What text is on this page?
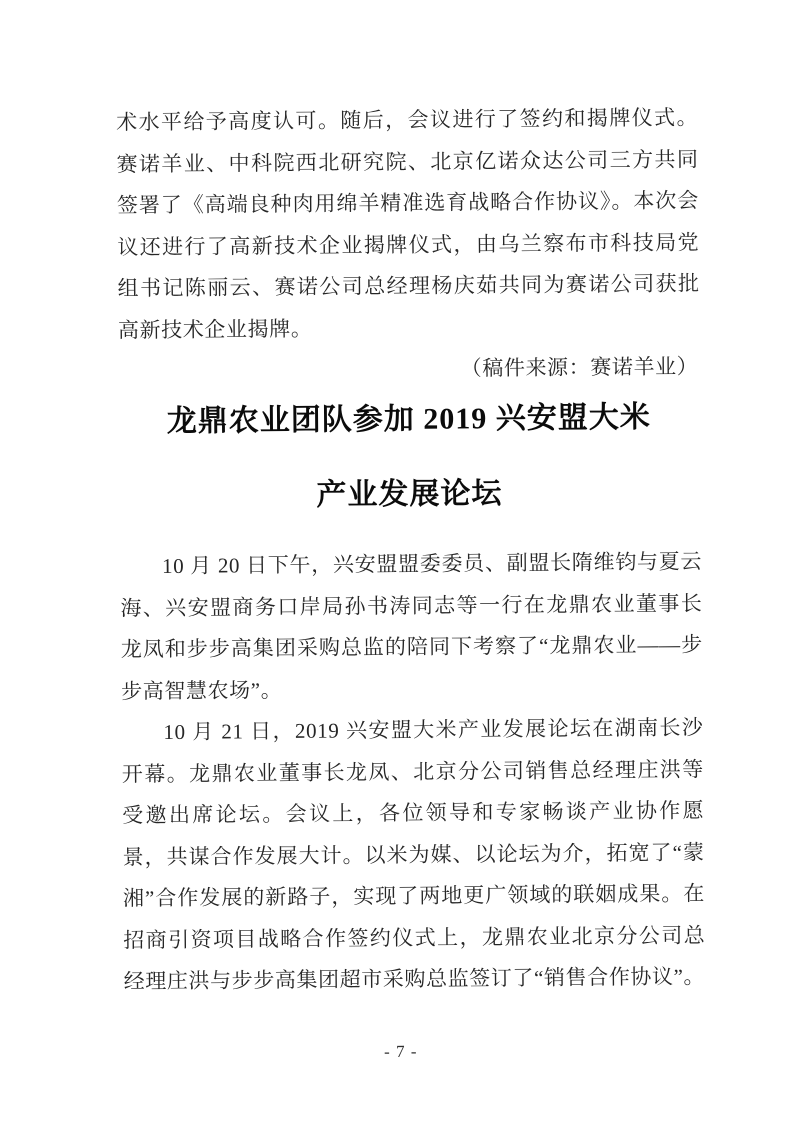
术水平给予高度认可。随后，会议进行了签约和揭牌仪式。赛诺羊业、中科院西北研究院、北京亿诺众达公司三方共同签署了《高端良种肉用绵羊精准选育战略合作协议》。本次会议还进行了高新技术企业揭牌仪式，由乌兰察布市科技局党组书记陈丽云、赛诺公司总经理杨庆茹共同为赛诺公司获批高新技术企业揭牌。

（稿件来源：赛诺羊业）

龙鼎农业团队参加 2019 兴安盟大米
产业发展论坛

10 月 20 日下午，兴安盟盟委委员、副盟长隋维钧与夏云海、兴安盟商务口岸局孙书涛同志等一行在龙鼎农业董事长龙凤和步步高集团采购总监的陪同下考察了“龙鼎农业——步步高智慧农场”。

10 月 21 日，2019 兴安盟大米产业发展论坛在湖南长沙开幕。龙鼎农业董事长龙凤、北京分公司销售总经理庄洪等受邀出席论坛。会议上，各位领导和专家畅谈产业协作愿景，共谋合作发展大计。以米为媒、以论坛为介，拓宽了“蒙湘”合作发展的新路子，实现了两地更广领域的联姻成果。在招商引资项目战略合作签约仪式上，龙鼎农业北京分公司总经理庄洪与步步高集团超市采购总监签订了“销售合作协议”。

- 7 -
